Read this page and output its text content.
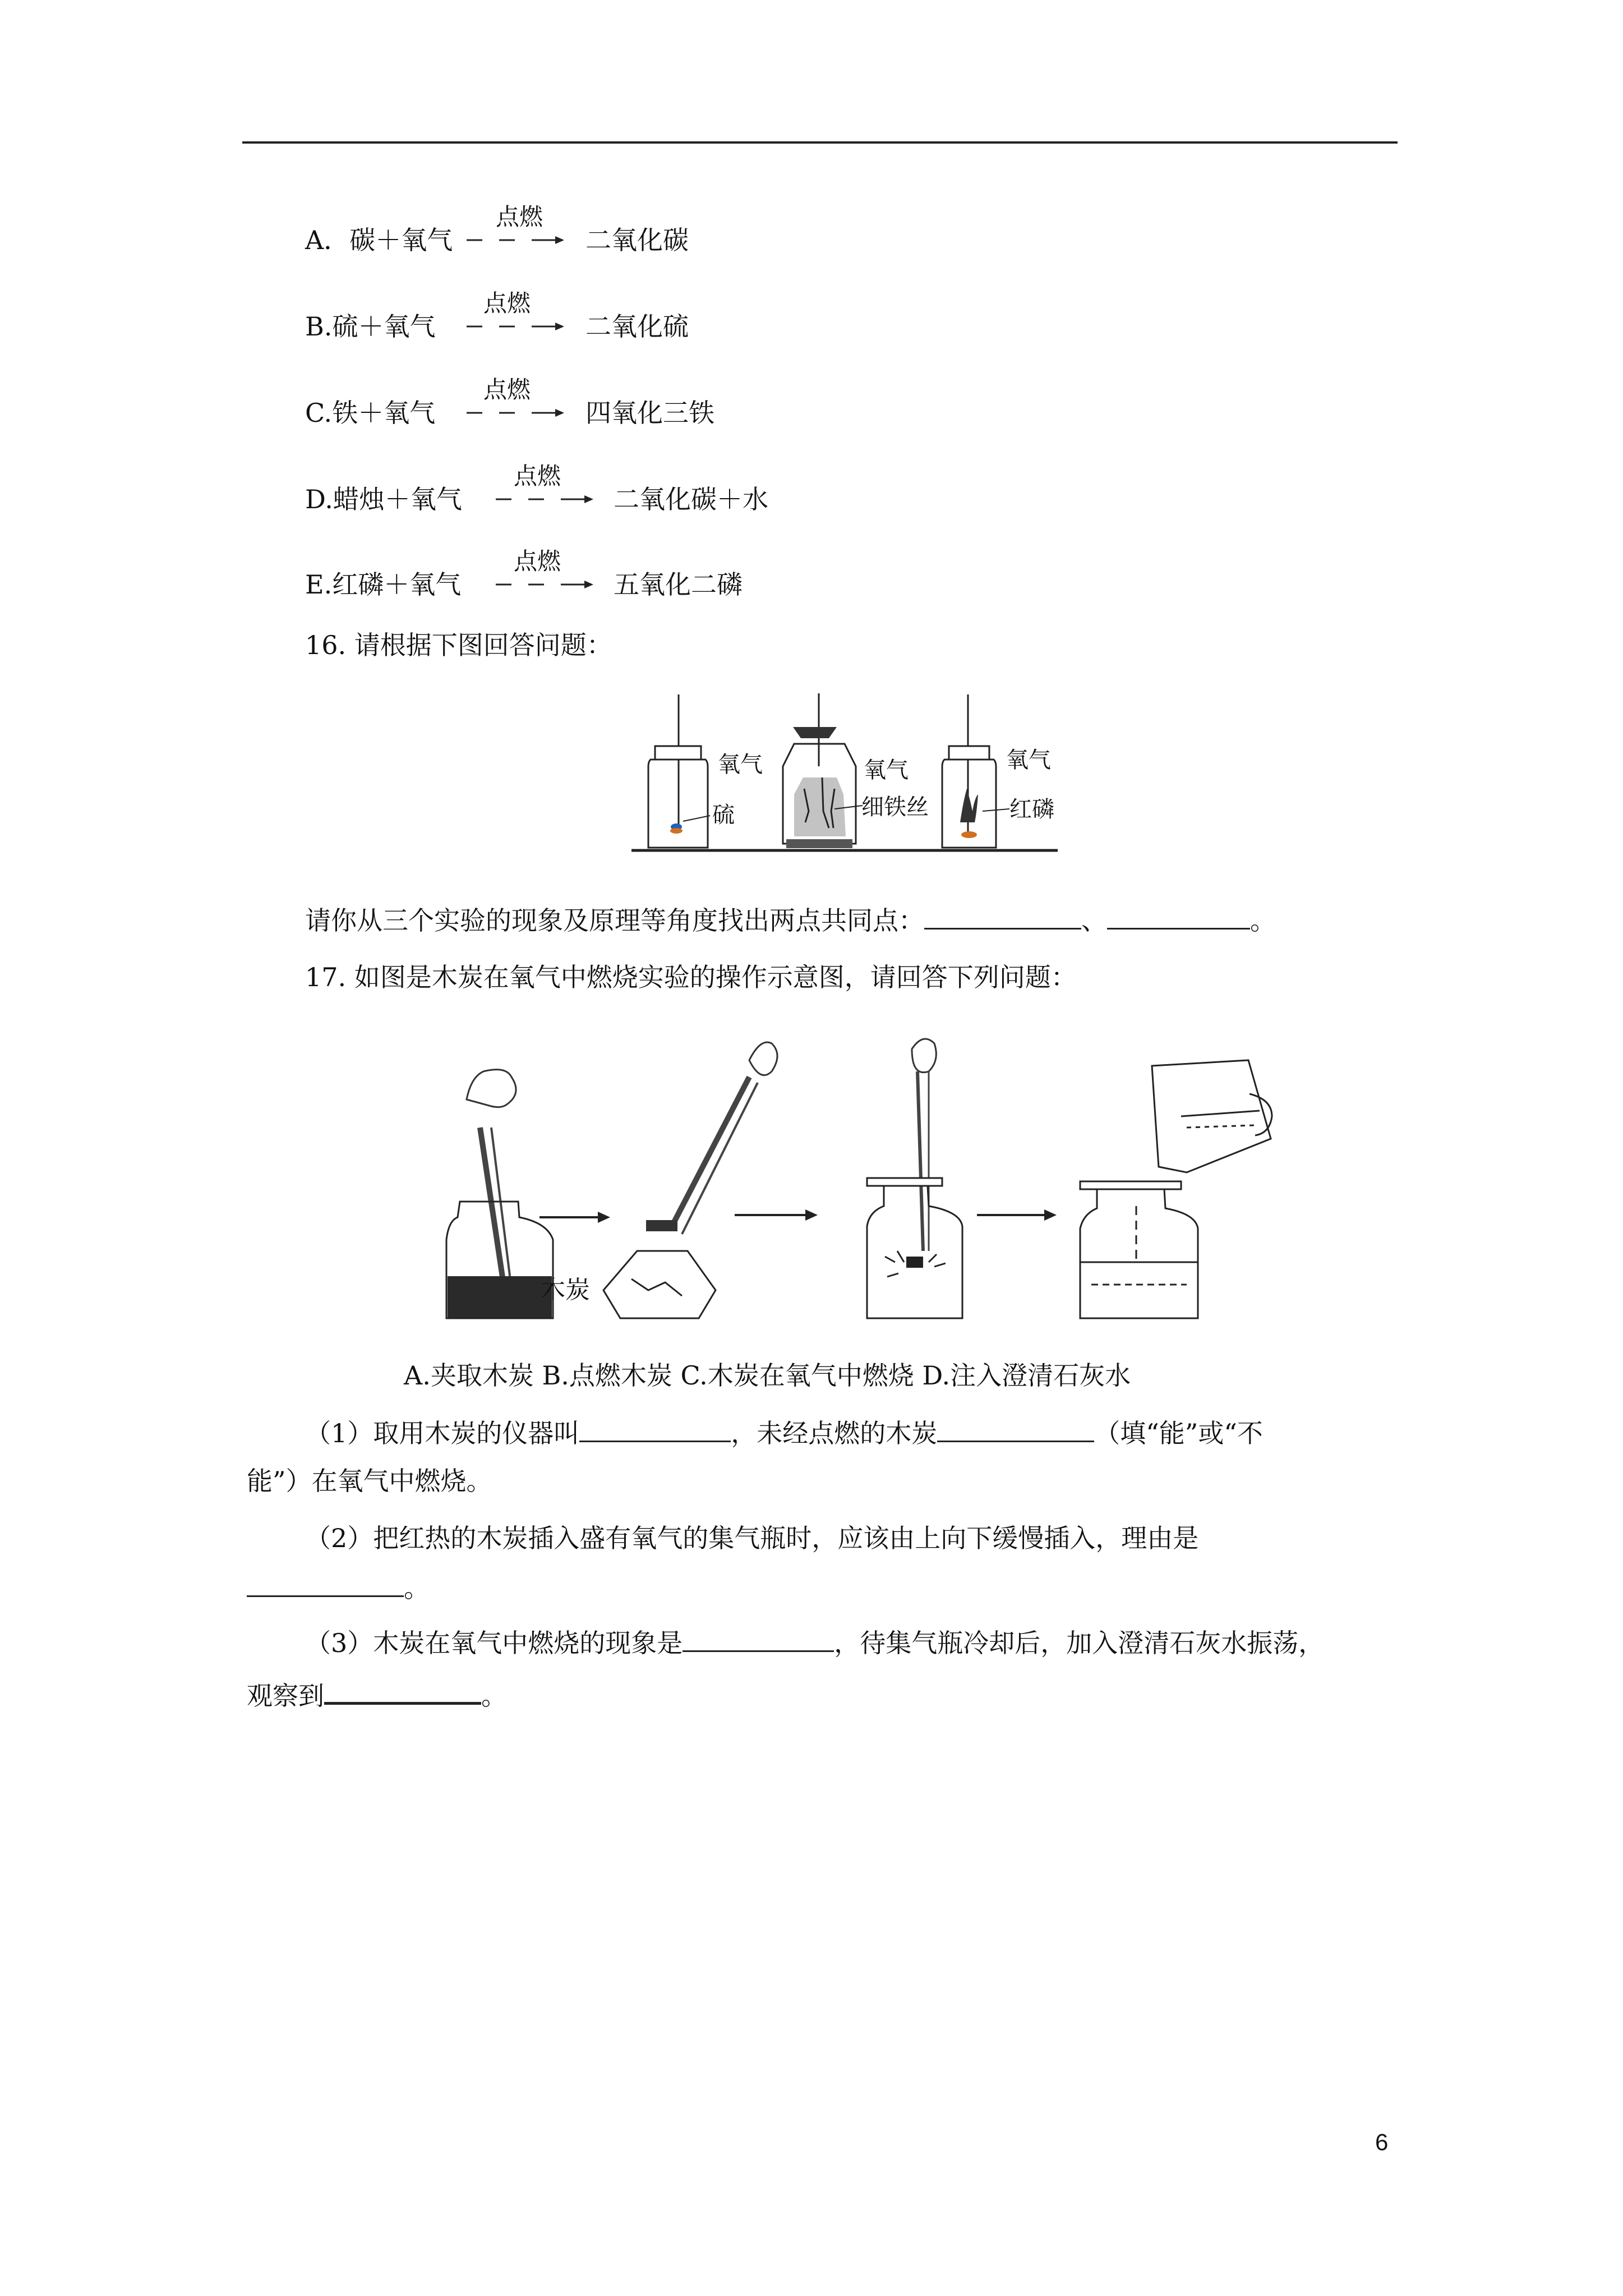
点燃
A．碳＋氧气	二氧化碳
点燃
B.硫＋氧气	二氧化硫
点燃
C.铁＋氧气	四氧化三铁
点燃
D.蜡烛＋氧气	二氧化碳＋水
点燃
E.红磷＋氧气	五氧化二磷
16. 请根据下图回答问题：
氧气
硫
氧气
细铁丝
氧气
红磷
请你从三个实验的现象及原理等角度找出两点共同点：	、	。
17. 如图是木炭在氧气中燃烧实验的操作示意图，请回答下列问题：
木炭
A.夹取木炭 B.点燃木炭 C.木炭在氧气中燃烧 D.注入澄清石灰水
（1）取用木炭的仪器叫	，未经点燃的木炭	（填“能”或“不
能”）在氧气中燃烧。
（2）把红热的木炭插入盛有氧气的集气瓶时，应该由上向下缓慢插入，理由是
。
（3）木炭在氧气中燃烧的现象是	，待集气瓶冷却后，加入澄清石灰水振荡，
观察到	。
6
